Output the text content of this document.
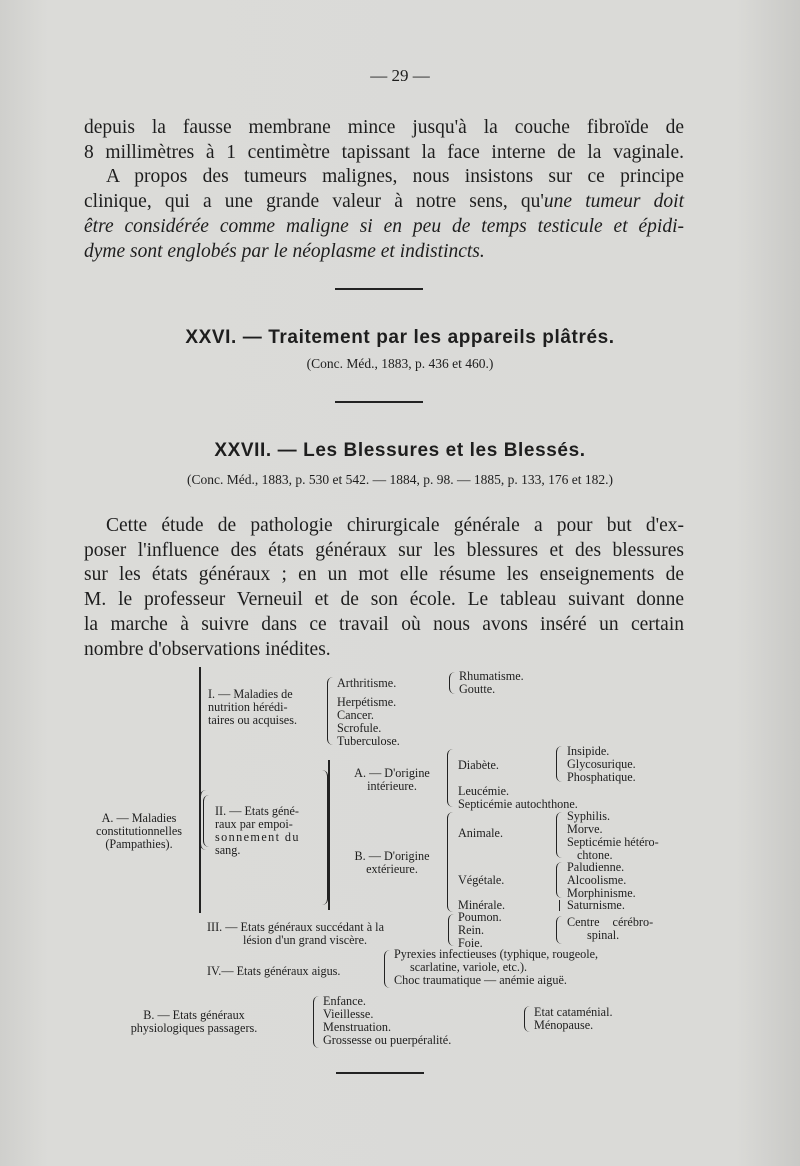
— 29 —
depuis la fausse membrane mince jusqu'à la couche fibroïde de
8 millimètres à 1 centimètre tapissant la face interne de la vaginale.
A propos des tumeurs malignes, nous insistons sur ce principe
clinique, qui a une grande valeur à notre sens, qu'une tumeur doit
être considérée comme maligne si en peu de temps testicule et épidi-
dyme sont englobés par le néoplasme et indistincts.
XXVI. — Traitement par les appareils plâtrés.
(Conc. Méd., 1883, p. 436 et 460.)
XXVII. — Les Blessures et les Blessés.
(Conc. Méd., 1883, p. 530 et 542. — 1884, p. 98. — 1885, p. 133, 176 et 182.)
Cette étude de pathologie chirurgicale générale a pour but d'ex-
poser l'influence des états généraux sur les blessures et des blessures
sur les états généraux ; en un mot elle résume les enseignements de
M. le professeur Verneuil et de son école. Le tableau suivant donne
la marche à suivre dans ce travail où nous avons inséré un certain
nombre d'observations inédites.
A. — Maladies
constitutionnelles
(Pampathies).
I. — Maladies de
nutrition hérédi-
taires ou acquises.
Arthritisme.
Herpétisme.
Cancer.
Scrofule.
Tuberculose.
Rhumatisme.
Goutte.
II. — Etats géné-
raux par empoi-
sonnement du
sang.
A. — D'origine
intérieure.
Diabète.
Leucémie.
Septicémie autochthone.
Insipide.
Glycosurique.
Phosphatique.
B. — D'origine
extérieure.
Animale.
Syphilis.
Morve.
Septicémie hétéro-
chtone.
Végétale.
Paludienne.
Alcoolisme.
Morphinisme.
Minérale.	Saturnisme.
III. — Etats généraux succédant à la
lésion d'un grand viscère.
Poumon.
Rein.
Foie.
Centre cérébro-
spinal.
IV.— Etats généraux aigus.
Pyrexies infectieuses (typhique, rougeole,
scarlatine, variole, etc.).
Choc traumatique — anémie aiguë.
B. — Etats généraux
physiologiques passagers.
Enfance.
Vieillesse.
Menstruation.
Grossesse ou puerpéralité.
Etat cataménial.
Ménopause.
